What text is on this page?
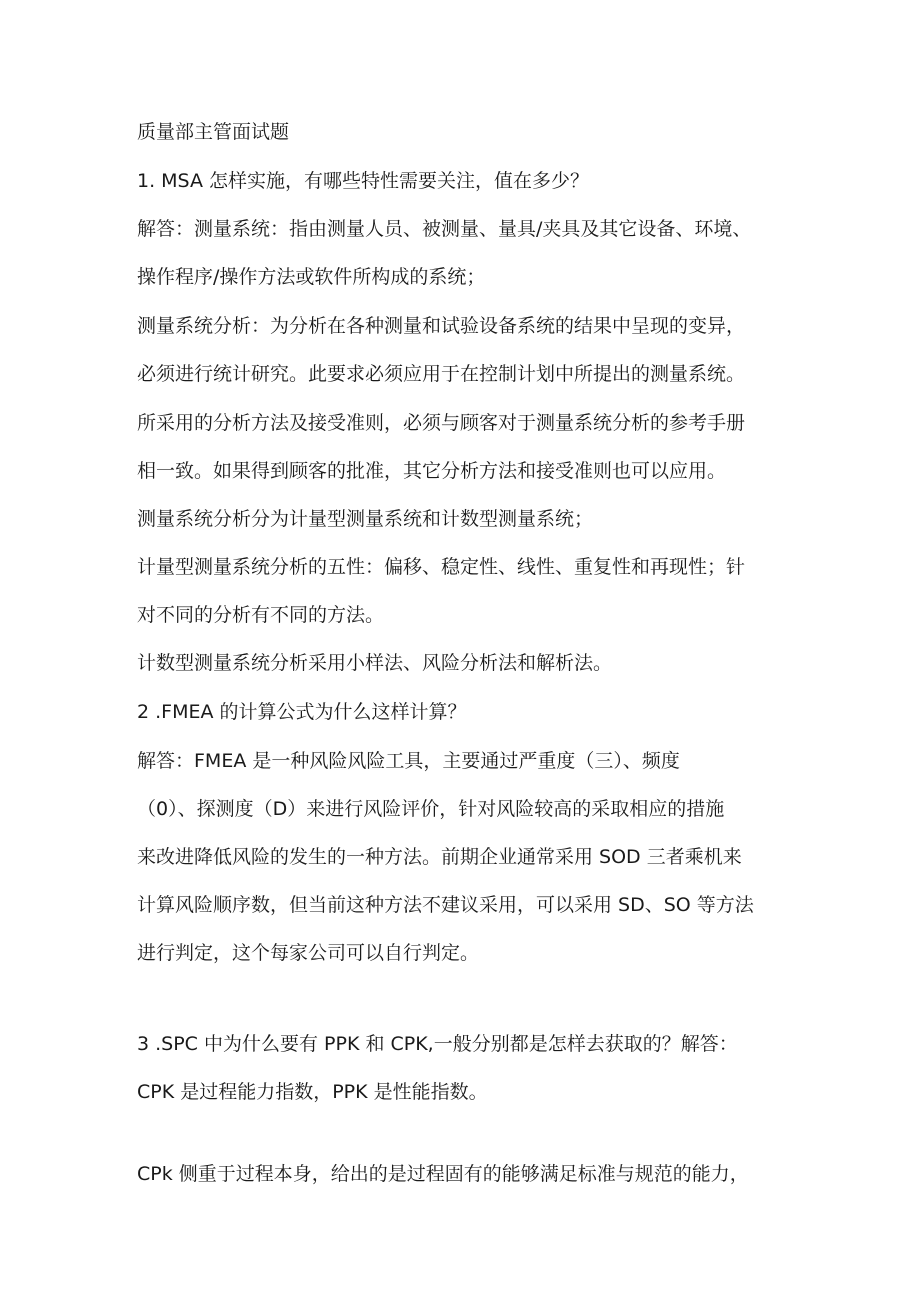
质量部主管面试题

1. MSA 怎样实施，有哪些特性需要关注，值在多少？

解答：测量系统：指由测量人员、被测量、量具/夹具及其它设备、环境、

操作程序/操作方法或软件所构成的系统；

测量系统分析：为分析在各种测量和试验设备系统的结果中呈现的变异，

必须进行统计研究。此要求必须应用于在控制计划中所提出的测量系统。

所采用的分析方法及接受准则，必须与顾客对于测量系统分析的参考手册

相一致。如果得到顾客的批准，其它分析方法和接受准则也可以应用。

测量系统分析分为计量型测量系统和计数型测量系统；

计量型测量系统分析的五性：偏移、稳定性、线性、重复性和再现性；针

对不同的分析有不同的方法。

计数型测量系统分析采用小样法、风险分析法和解析法。

2 .FMEA 的计算公式为什么这样计算？

解答：FMEA 是一种风险风险工具，主要通过严重度（三）、频度

（0）、探测度（D）来进行风险评价，针对风险较高的采取相应的措施

来改进降低风险的发生的一种方法。前期企业通常采用 SOD 三者乘机来

计算风险顺序数，但当前这种方法不建议采用，可以采用 SD、SO 等方法

进行判定，这个每家公司可以自行判定。

3 .SPC 中为什么要有 PPK 和 CPK,一般分别都是怎样去获取的？解答：

CPK 是过程能力指数，PPK 是性能指数。

CPk 侧重于过程本身，给出的是过程固有的能够满足标准与规范的能力，
